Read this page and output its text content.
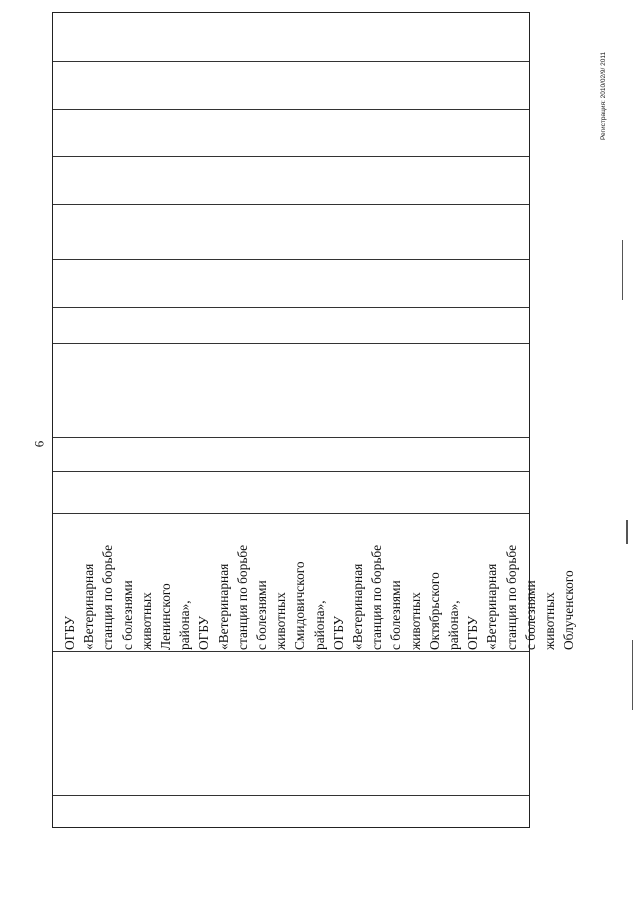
6
ОГБУ «Ветеринарная станция по борьбе с болезнями животных Ленинского района», ОГБУ «Ветеринарная станция по борьбе с болезнями животных Смидовичского района», ОГБУ «Ветеринарная станция по борьбе с болезнями животных Октябрьского района», ОГБУ «Ветеринарная станция по борьбе с болезнями животных Облученского
Регистрация: 2010/02/9/ 2011
